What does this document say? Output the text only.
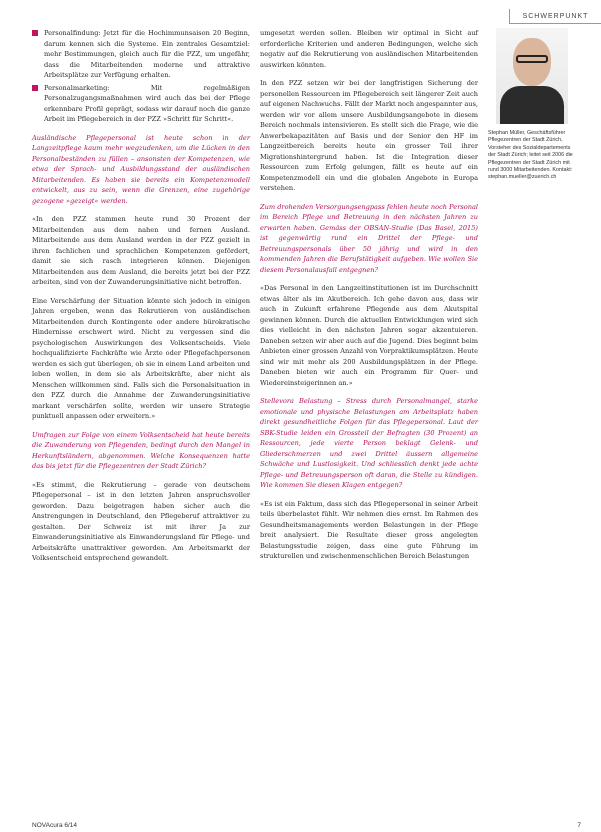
SCHWERPUNKT
Personalfindung: Jetzt für die Hochimmunsaison 20 Beginn, darum kennen sich die Systeme. Ein zentrales Gesamtziel: mehr Bestimmungen, gleich auch für die PZZ, um ungefähr, dass die Mitarbeitenden moderne und attraktive Arbeitsplätze zur Verfügung erhalten.
Personalmarketing: Mit regelmäßigen Personalzugangsmaßnahmen wird auch das bei der Pflege erkennbare Profil geprägt, sodass wir darauf noch die ganze Arbeit im Pflegebereich in der PZZ »Schritt für Schritt«.

Ausländische Pflegepersonal ist heute schon in der Langzeitpflege kaum mehr wegzudenken, um die Lücken in den Personalbeständen zu füllen – ansonsten der Kompetenzen, wie etwa der Sprach- und Ausbildungsstand der ausländischen Mitarbeitenden. Es haben sie bereits ein Kompetenzmodell entwickelt, aus zu sein, wenn die Grenzen, eine zugehörige gezogene »gezeigt« werden.

«In den PZZ stammen heute rund 30 Prozent der Mitarbeitenden aus dem nahen und fernen Ausland. Mitarbeitende aus dem Ausland werden in der PZZ gezielt in ihren fachlichen und sprachlichen Kompetenzen gefördert, damit sie sich rasch integrieren können. Diejenigen Mitarbeitenden aus dem Ausland, die bereits jetzt bei der PZZ arbeiten, sind von der Zuwanderungsinitiative nicht betroffen.

Eine Verschärfung der Situation könnte sich jedoch in einigen Jahren ergeben, wenn das Rekrutieren von ausländischen Mitarbeitenden durch Kontingente oder andere bürokratische Hindernisse erschwert wird. Nicht zu vergessen sind die psychologischen Auswirkungen des Volksentscheids. Viele hochqualifizierte Fachkräfte wie Ärzte oder Pflegefachpersonen werden es sich gut überlegen, ob sie in einem Land arbeiten und leben wollen, in dem sie als Arbeitskräfte, aber nicht als Menschen willkommen sind. Falls sich die Personalsituation in den PZZ durch die Annahme der Zuwanderungsinitiative markant verschärfen sollte, werden wir unsere Strategie punktuell anpassen oder erweitern.»

Umfragen zur Folge von einem Volksentscheid hat heute bereits die Zuwanderung von Pflegenden, bedingt durch den Mangel in Herkunftsländern, abgenommen. Welche Konsequenzen hatte das bis jetzt für die Pflegezentren der Stadt Zürich?

«Es stimmt, die Rekrutierung – gerade von deutschem Pflegepersonal – ist in den letzten Jahren anspruchsvoller geworden. Dazu beigetragen haben sicher auch die Anstrengungen in Deutschland, den Pflegeberuf attraktiver zu gestalten. Der Schweiz ist mit ihrer Ja zur Einwanderungsinitiative als Einwanderungsland für Pflege- und Arbeitskräfte unattraktiver geworden. Am Arbeitsmarkt der Volksentscheid entsprechend gewandelt.

umgesetzt werden sollen. Bleiben wir optimal in Sicht auf erforderliche Kriterien und anderen Bedingungen, welche sich negativ auf die Rekrutierung von ausländischen Mitarbeitenden auswirken könnten.

In den PZZ setzen wir bei der langfristigen Sicherung der personellen Ressourcen im Pflegebereich seit längerer Zeit auch auf eigenen Nachwuchs. Fällt der Markt noch angespannter aus, werden wir vor allem unsere Ausbildungsangebote in diesem Bereich nochmals intensivieren. Es stellt sich die Frage, wie die Anwerbekapazitäten auf Basis und der Senior den HF im Langzeitbereich bereits heute ein grosser Teil ihrer Migrationshintergrund haben. Ist die Integration dieser Ressourcen zum Erfolg gelungen, fällt es heute auf ein Kompetenzmodell ein und die globalen Angebote in Europa verstehen.

Zum drohenden Versorgungsengpass fehlen heute noch Personal im Bereich Pflege und Betreuung in den nächsten Jahren zu erwarten haben. Gemäss der OBSAN-Studie (Das Basel, 2015) ist gegenwärtig rund ein Drittel der Pflege- und Betreuungspersonals über 50 jährig und wird in den kommenden Jahren die Berufstätigkeit aufgeben. Wie wollen Sie diesem Personalausfall entgegnen?

«Das Personal in den Langzeitinstitutionen ist im Durchschnitt etwas älter als im Akutbereich. Ich gehe davon aus, dass wir auch in Zukunft erfahrene Pflegende aus dem Akutspital gewinnen können. Durch die aktuellen Entwicklungen wird sich dies vielleicht in den nächsten Jahren sogar akzentuieren. Daneben setzen wir aber auch auf die Jugend. Dies beginnt beim Anbieten einer grossen Anzahl von Vorpraktikumsplätzen. Heute sind wir mit mehr als 200 Ausbildungsplätzen in der Pflege. Daneben bieten wir auch ein Programm für Quer- und Wiedereinsteigerinnen an.»

Stellevora Belastung – Stress durch Personalmangel, starke emotionale und physische Belastungen am Arbeitsplatz haben direkt gesundheitliche Folgen für das Pflegepersonal. Laut der SBK-Studie leiden ein Grossteil der Befragten (30 Prozent) an Ressourcen, jede vierte Person beklagt Gelenk- und Gliederschmerzen und zwei Drittel äussern allgemeine Schwäche und Lustlosigkeit. Und schliesslich denkt jede achte Pflege- und Betreuungsperson oft daran, die Stelle zu kündigen. Wie kommen Sie diesen Klagen entgegen?

«Es ist ein Faktum, dass sich das Pflegepersonal in seiner Arbeit teils überbelastet fühlt. Wir nehmen dies ernst. Im Rahmen des Gesundheitsmanagements werden Belastungen in der Pflege breit analysiert. Die Resultate dieser gross angelegten Belastungsstudie zeigen, dass eine gute Führung im strukturellen und zwischenmenschlichen Bereich Belastungen

Stephan Müller, Geschäftsführer Pflegezentren der Stadt Zürich, Vorsteher des Sozialdepartements der Stadt Zürich; leitet seit 2006 die Pflegezentren der Stadt Zürich mit rund 3000 Mitarbeitenden. Kontakt: stephan.mueller@zuerich.ch

NOVAcura 6/14	7
